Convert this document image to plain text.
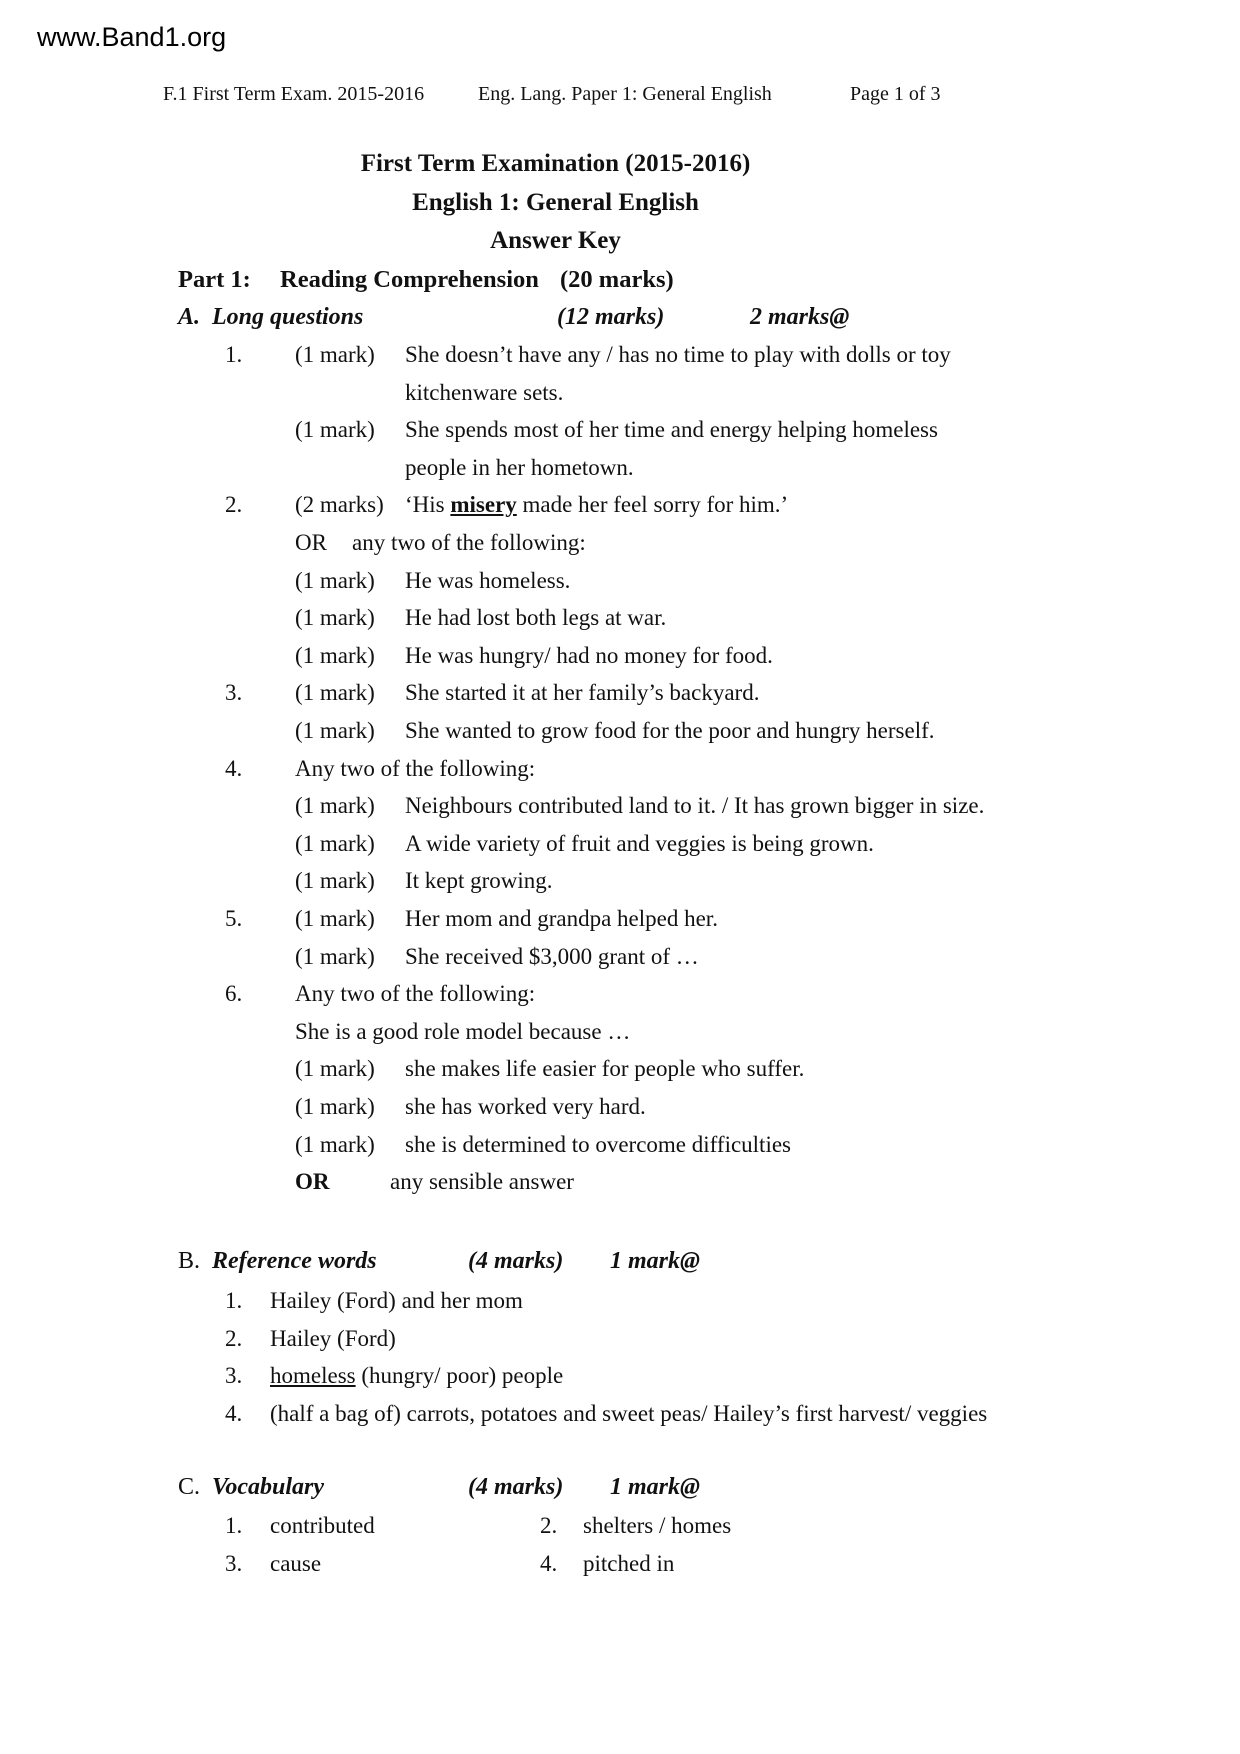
www.Band1.org
F.1 First Term Exam. 2015-2016	Eng. Lang. Paper 1: General English	Page 1 of 3
First Term Examination (2015-2016)
English 1: General English
Answer Key
Part 1: Reading Comprehension (20 marks)
A. Long questions	(12 marks)	2 marks@
1. (1 mark) She doesn’t have any / has no time to play with dolls or toy
kitchenware sets.
(1 mark) She spends most of her time and energy helping homeless
people in her hometown.
2. (2 marks) ‘His misery made her feel sorry for him.’
OR any two of the following:
(1 mark) He was homeless.
(1 mark) He had lost both legs at war.
(1 mark) He was hungry/ had no money for food.
3. (1 mark) She started it at her family’s backyard.
(1 mark) She wanted to grow food for the poor and hungry herself.
4. Any two of the following:
(1 mark) Neighbours contributed land to it. / It has grown bigger in size.
(1 mark) A wide variety of fruit and veggies is being grown.
(1 mark) It kept growing.
5. (1 mark) Her mom and grandpa helped her.
(1 mark) She received $3,000 grant of …
6. Any two of the following:
She is a good role model because …
(1 mark) she makes life easier for people who suffer.
(1 mark) she has worked very hard.
(1 mark) she is determined to overcome difficulties
OR	any sensible answer
B. Reference words	(4 marks) 1 mark@
1. Hailey (Ford) and her mom
2. Hailey (Ford)
3. homeless (hungry/ poor) people
4. (half a bag of) carrots, potatoes and sweet peas/ Hailey’s first harvest/ veggies
C. Vocabulary	(4 marks) 1 mark@
1. contributed	2. shelters / homes
3. cause	4. pitched in
